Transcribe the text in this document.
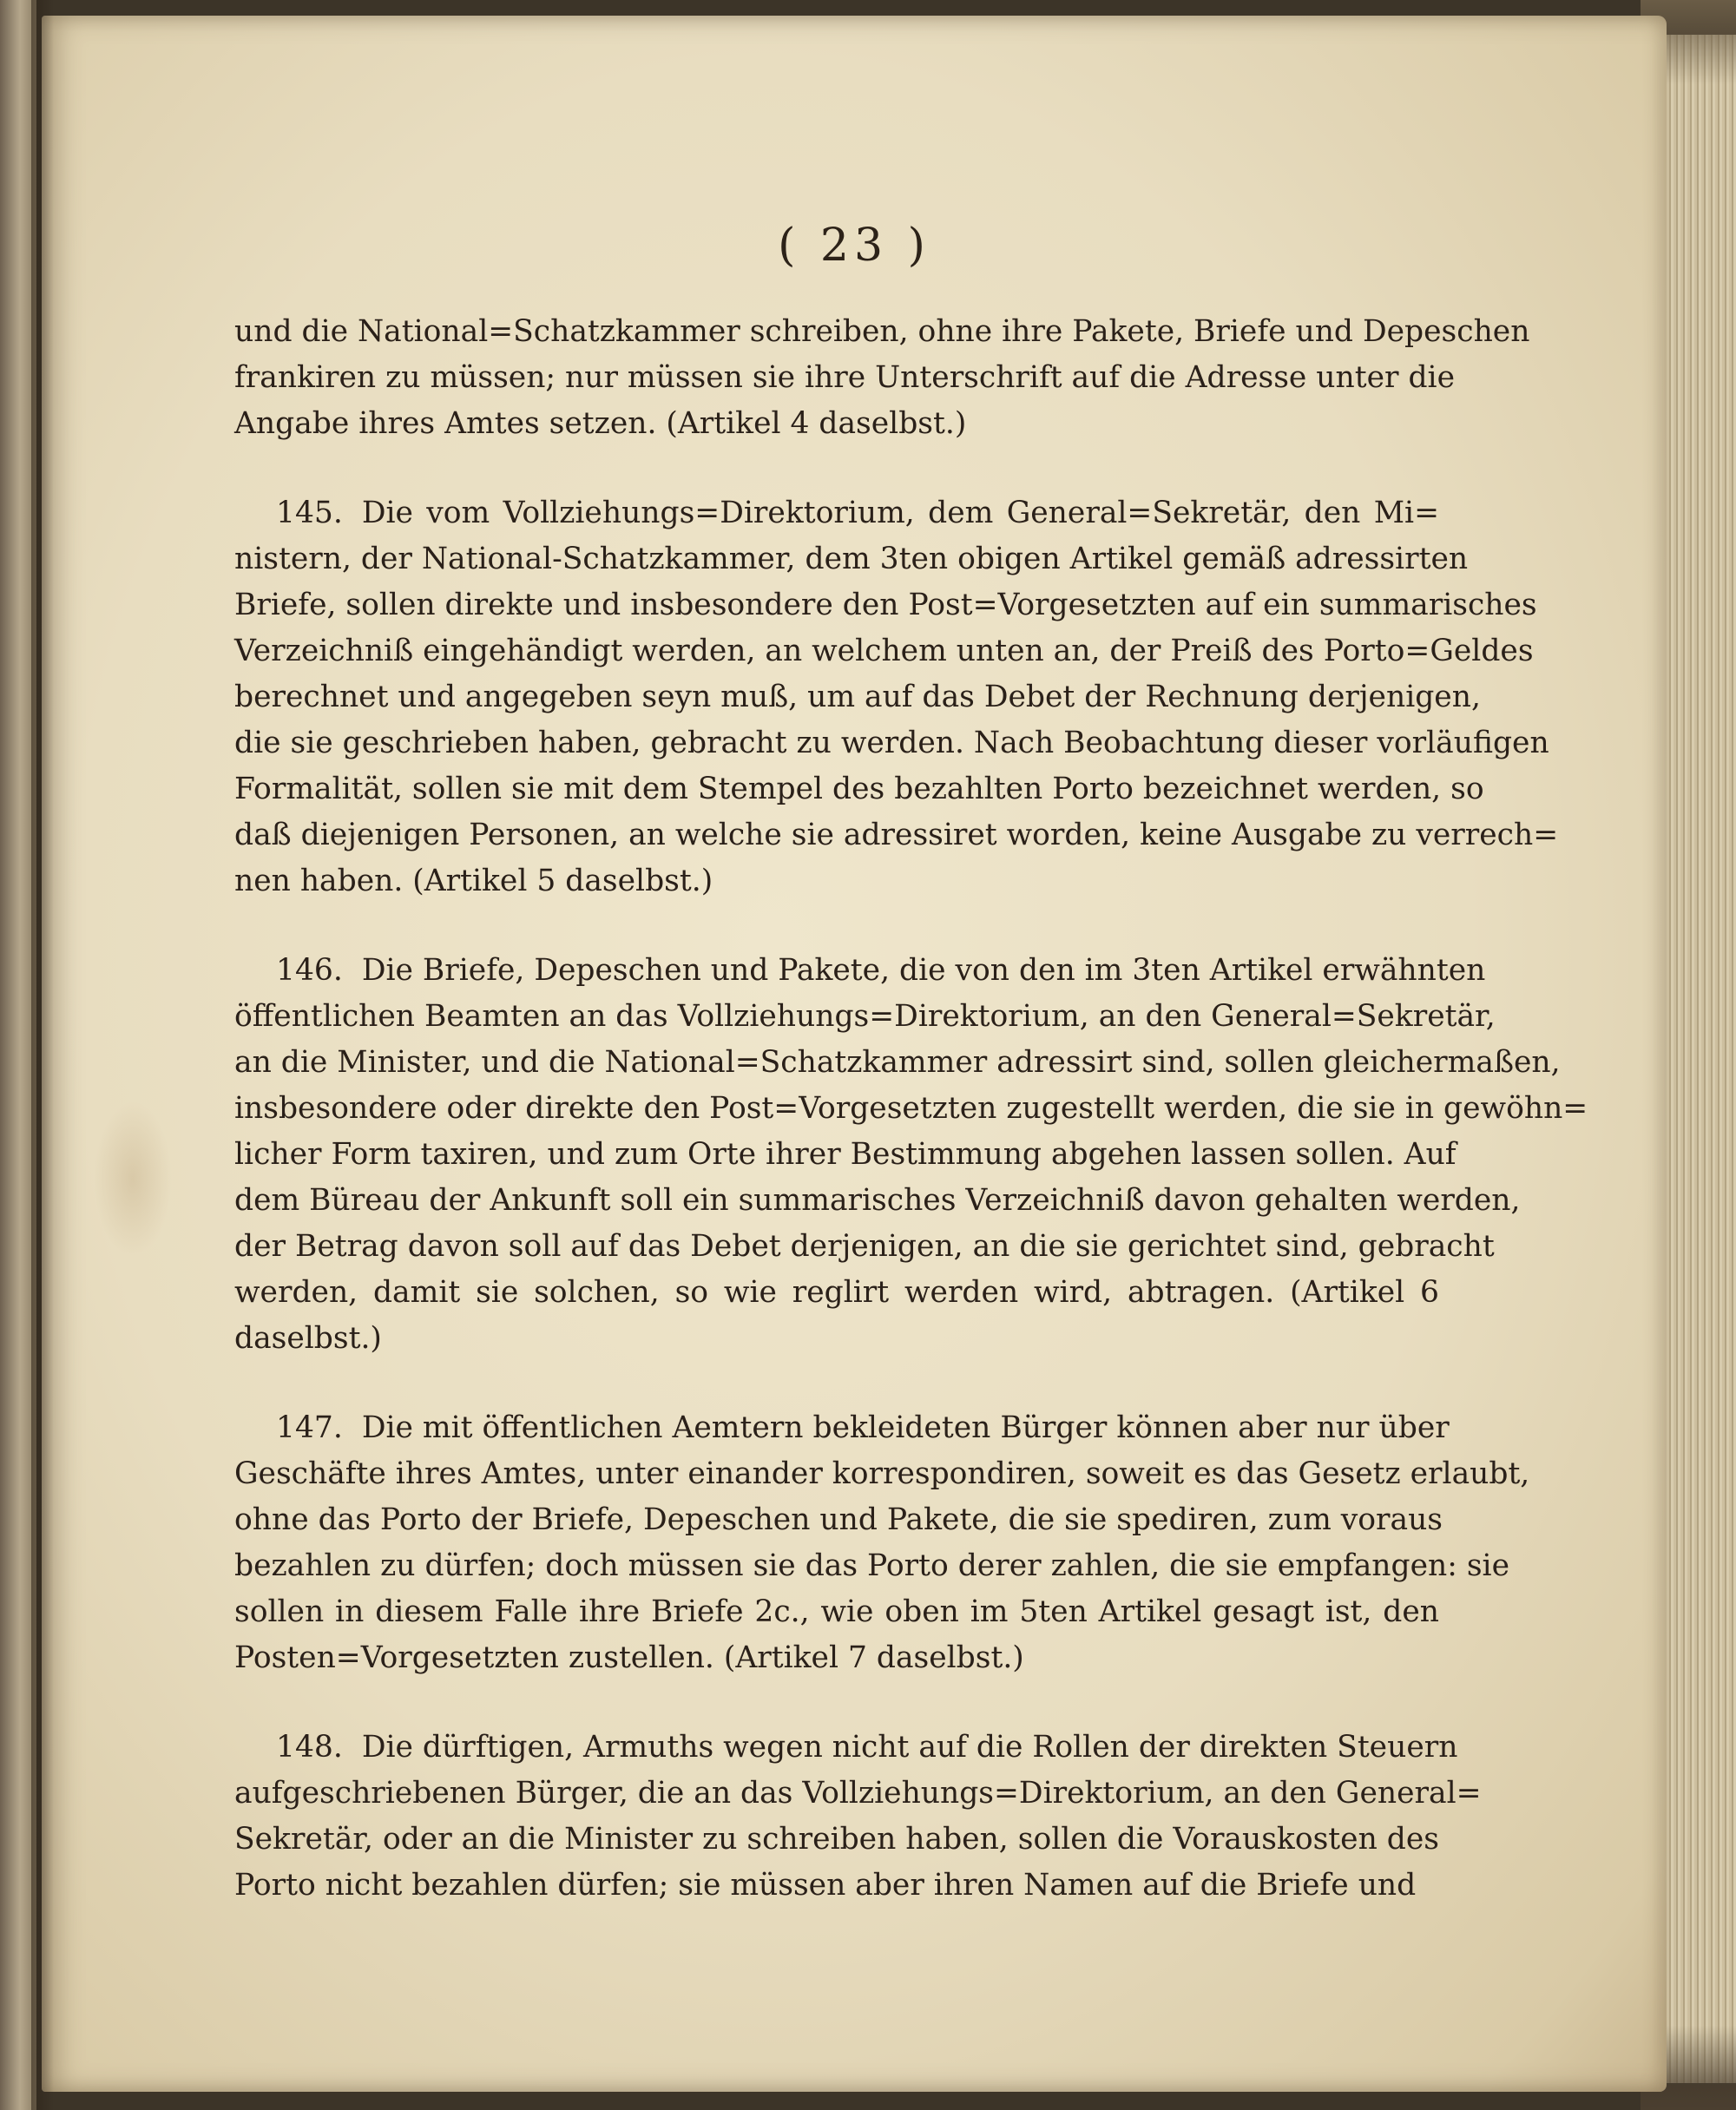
( 23 )
und die National=Schatzkammer schreiben, ohne ihre Pakete, Briefe und Depeschen
frankiren zu müssen; nur müssen sie ihre Unterschrift auf die Adresse unter die
Angabe ihres Amtes setzen. (Artikel 4 daselbst.)
145. Die vom Vollziehungs=Direktorium, dem General=Sekretär, den Mi=
nistern, der National-Schatzkammer, dem 3ten obigen Artikel gemäß adressirten
Briefe, sollen direkte und insbesondere den Post=Vorgesetzten auf ein summarisches
Verzeichniß eingehändigt werden, an welchem unten an, der Preiß des Porto=Geldes
berechnet und angegeben seyn muß, um auf das Debet der Rechnung derjenigen,
die sie geschrieben haben, gebracht zu werden. Nach Beobachtung dieser vorläufigen
Formalität, sollen sie mit dem Stempel des bezahlten Porto bezeichnet werden, so
daß diejenigen Personen, an welche sie adressiret worden, keine Ausgabe zu verrech=
nen haben. (Artikel 5 daselbst.)
146. Die Briefe, Depeschen und Pakete, die von den im 3ten Artikel erwähnten
öffentlichen Beamten an das Vollziehungs=Direktorium, an den General=Sekretär,
an die Minister, und die National=Schatzkammer adressirt sind, sollen gleichermaßen,
insbesondere oder direkte den Post=Vorgesetzten zugestellt werden, die sie in gewöhn=
licher Form taxiren, und zum Orte ihrer Bestimmung abgehen lassen sollen. Auf
dem Büreau der Ankunft soll ein summarisches Verzeichniß davon gehalten werden,
der Betrag davon soll auf das Debet derjenigen, an die sie gerichtet sind, gebracht
werden, damit sie solchen, so wie reglirt werden wird, abtragen. (Artikel 6
daselbst.)
147. Die mit öffentlichen Aemtern bekleideten Bürger können aber nur über
Geschäfte ihres Amtes, unter einander korrespondiren, soweit es das Gesetz erlaubt,
ohne das Porto der Briefe, Depeschen und Pakete, die sie spediren, zum voraus
bezahlen zu dürfen; doch müssen sie das Porto derer zahlen, die sie empfangen: sie
sollen in diesem Falle ihre Briefe 2c., wie oben im 5ten Artikel gesagt ist, den
Posten=Vorgesetzten zustellen. (Artikel 7 daselbst.)
148. Die dürftigen, Armuths wegen nicht auf die Rollen der direkten Steuern
aufgeschriebenen Bürger, die an das Vollziehungs=Direktorium, an den General=
Sekretär, oder an die Minister zu schreiben haben, sollen die Vorauskosten des
Porto nicht bezahlen dürfen; sie müssen aber ihren Namen auf die Briefe und
